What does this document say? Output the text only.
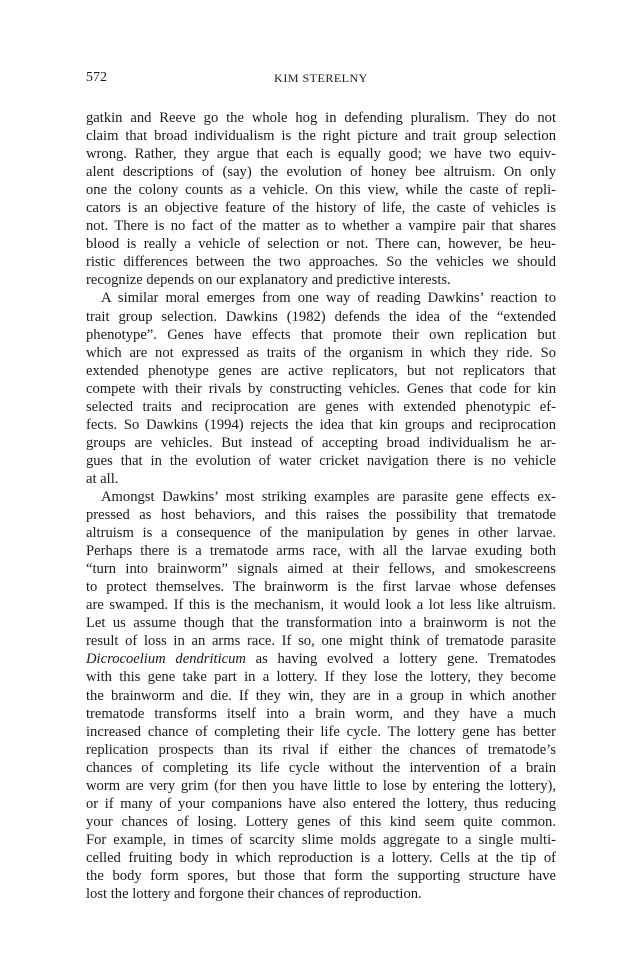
572	KIM STERELNY
gatkin and Reeve go the whole hog in defending pluralism. They do not
claim that broad individualism is the right picture and trait group selection
wrong. Rather, they argue that each is equally good; we have two equiv-
alent descriptions of (say) the evolution of honey bee altruism. On only
one the colony counts as a vehicle. On this view, while the caste of repli-
cators is an objective feature of the history of life, the caste of vehicles is
not. There is no fact of the matter as to whether a vampire pair that shares
blood is really a vehicle of selection or not. There can, however, be heu-
ristic differences between the two approaches. So the vehicles we should
recognize depends on our explanatory and predictive interests.
A similar moral emerges from one way of reading Dawkins’ reaction to
trait group selection. Dawkins (1982) defends the idea of the “extended
phenotype”. Genes have effects that promote their own replication but
which are not expressed as traits of the organism in which they ride. So
extended phenotype genes are active replicators, but not replicators that
compete with their rivals by constructing vehicles. Genes that code for kin
selected traits and reciprocation are genes with extended phenotypic ef-
fects. So Dawkins (1994) rejects the idea that kin groups and reciprocation
groups are vehicles. But instead of accepting broad individualism he ar-
gues that in the evolution of water cricket navigation there is no vehicle
at all.
Amongst Dawkins’ most striking examples are parasite gene effects ex-
pressed as host behaviors, and this raises the possibility that trematode
altruism is a consequence of the manipulation by genes in other larvae.
Perhaps there is a trematode arms race, with all the larvae exuding both
“turn into brainworm” signals aimed at their fellows, and smokescreens
to protect themselves. The brainworm is the first larvae whose defenses
are swamped. If this is the mechanism, it would look a lot less like altruism.
Let us assume though that the transformation into a brainworm is not the
result of loss in an arms race. If so, one might think of trematode parasite
Dicrocoelium dendriticum as having evolved a lottery gene. Trematodes
with this gene take part in a lottery. If they lose the lottery, they become
the brainworm and die. If they win, they are in a group in which another
trematode transforms itself into a brain worm, and they have a much
increased chance of completing their life cycle. The lottery gene has better
replication prospects than its rival if either the chances of trematode’s
chances of completing its life cycle without the intervention of a brain
worm are very grim (for then you have little to lose by entering the lottery),
or if many of your companions have also entered the lottery, thus reducing
your chances of losing. Lottery genes of this kind seem quite common.
For example, in times of scarcity slime molds aggregate to a single multi-
celled fruiting body in which reproduction is a lottery. Cells at the tip of
the body form spores, but those that form the supporting structure have
lost the lottery and forgone their chances of reproduction.
